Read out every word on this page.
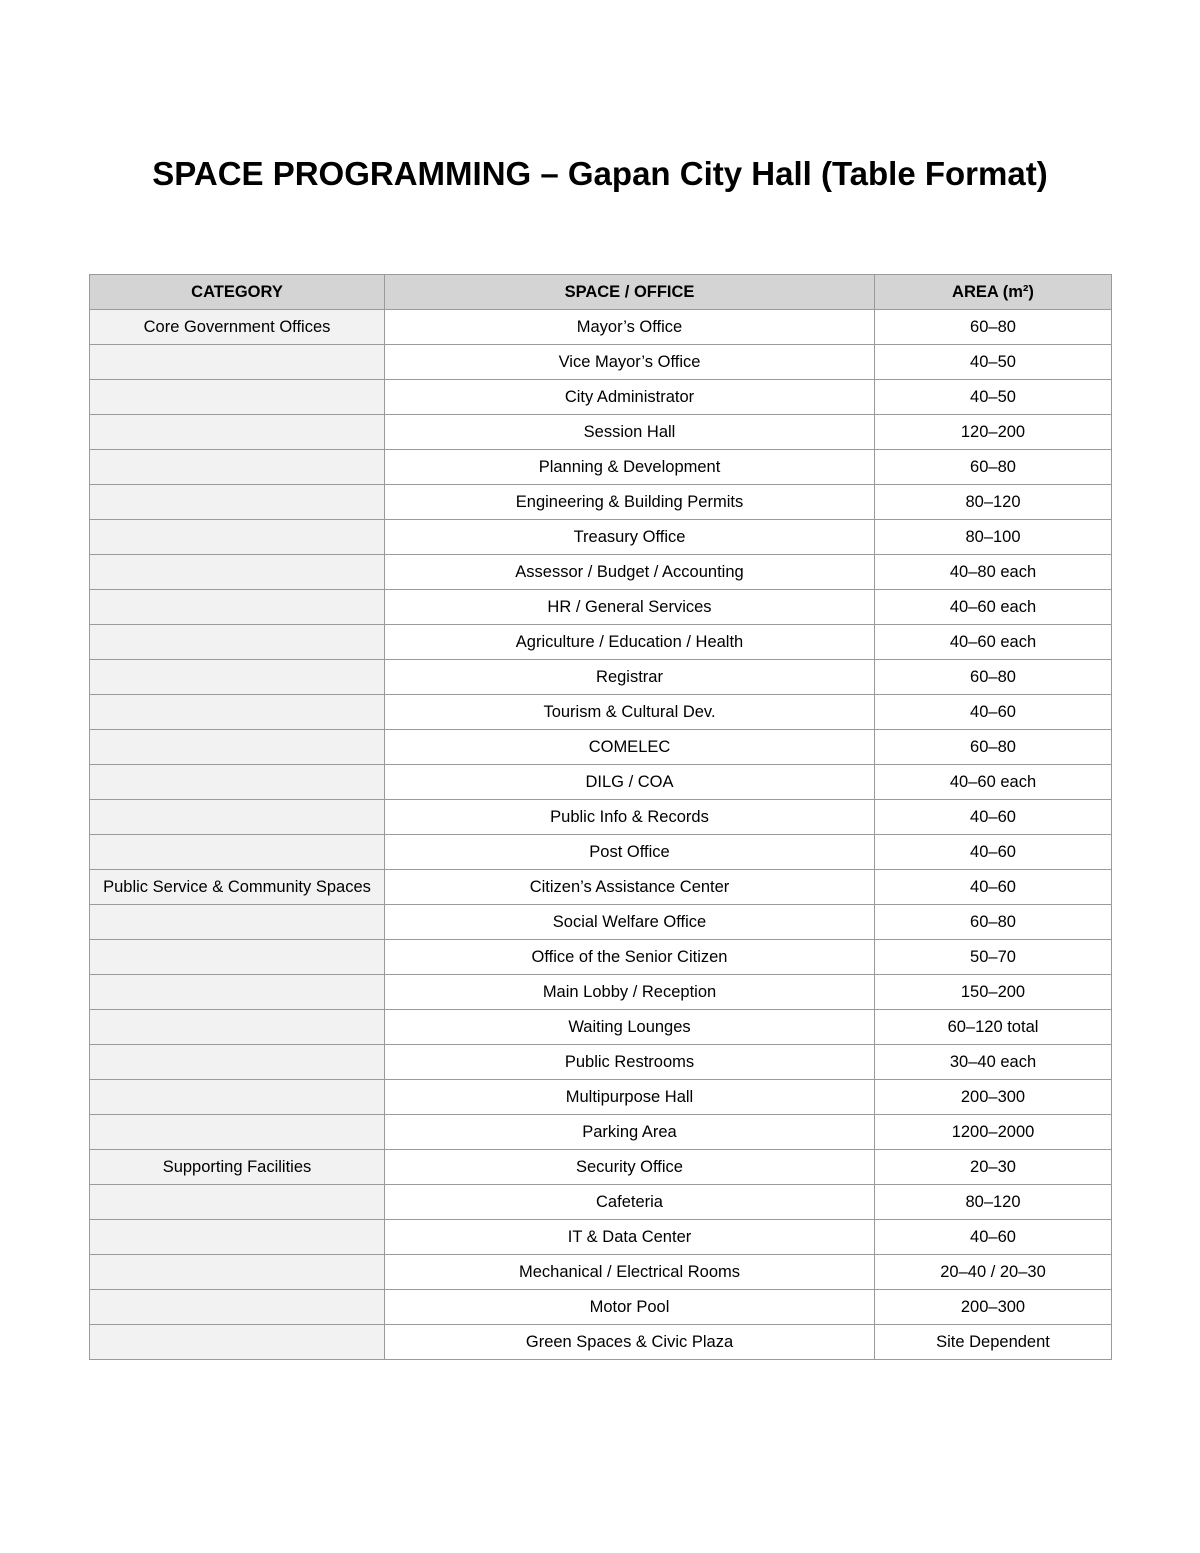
SPACE PROGRAMMING – Gapan City Hall (Table Format)
CATEGORY	SPACE / OFFICE	AREA (m²)
Core Government Offices	Mayor’s Office	60–80
	Vice Mayor’s Office	40–50
	City Administrator	40–50
	Session Hall	120–200
	Planning & Development	60–80
	Engineering & Building Permits	80–120
	Treasury Office	80–100
	Assessor / Budget / Accounting	40–80 each
	HR / General Services	40–60 each
	Agriculture / Education / Health	40–60 each
	Registrar	60–80
	Tourism & Cultural Dev.	40–60
	COMELEC	60–80
	DILG / COA	40–60 each
	Public Info & Records	40–60
	Post Office	40–60
Public Service & Community Spaces	Citizen’s Assistance Center	40–60
	Social Welfare Office	60–80
	Office of the Senior Citizen	50–70
	Main Lobby / Reception	150–200
	Waiting Lounges	60–120 total
	Public Restrooms	30–40 each
	Multipurpose Hall	200–300
	Parking Area	1200–2000
Supporting Facilities	Security Office	20–30
	Cafeteria	80–120
	IT & Data Center	40–60
	Mechanical / Electrical Rooms	20–40 / 20–30
	Motor Pool	200–300
	Green Spaces & Civic Plaza	Site Dependent
